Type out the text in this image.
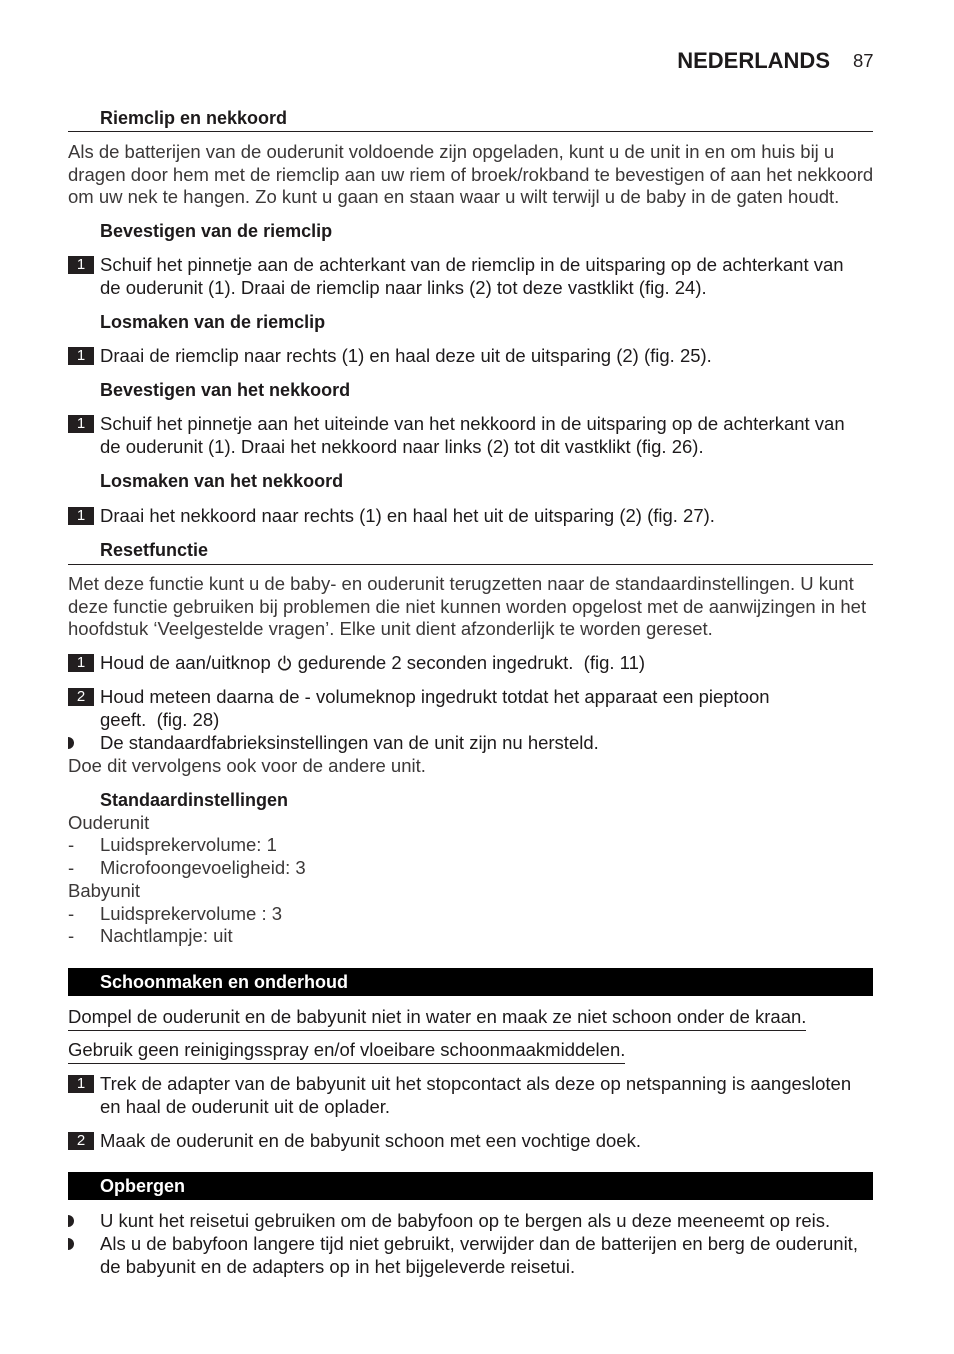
NEDERLANDS 87
Riemclip en nekkoord
Als de batterijen van de ouderunit voldoende zijn opgeladen, kunt u de unit in en om huis bij u
dragen door hem met de riemclip aan uw riem of broek/rokband te bevestigen of aan het nekkoord
om uw nek te hangen. Zo kunt u gaan en staan waar u wilt terwijl u de baby in de gaten houdt.
Bevestigen van de riemclip
1 Schuif het pinnetje aan de achterkant van de riemclip in de uitsparing op de achterkant van
de ouderunit (1). Draai de riemclip naar links (2) tot deze vastklikt (fig. 24).
Losmaken van de riemclip
1 Draai de riemclip naar rechts (1) en haal deze uit de uitsparing (2) (fig. 25).
Bevestigen van het nekkoord
1 Schuif het pinnetje aan het uiteinde van het nekkoord in de uitsparing op de achterkant van
de ouderunit (1). Draai het nekkoord naar links (2) tot dit vastklikt (fig. 26).
Losmaken van het nekkoord
1 Draai het nekkoord naar rechts (1) en haal het uit de uitsparing (2) (fig. 27).
Resetfunctie
Met deze functie kunt u de baby- en ouderunit terugzetten naar de standaardinstellingen. U kunt
deze functie gebruiken bij problemen die niet kunnen worden opgelost met de aanwijzingen in het
hoofdstuk ‘Veelgestelde vragen’. Elke unit dient afzonderlijk te worden gereset.
1 Houd de aan/uitknop gedurende 2 seconden ingedrukt.  (fig. 11)
2 Houd meteen daarna de - volumeknop ingedrukt totdat het apparaat een pieptoon
geeft.  (fig. 28)
De standaardfabrieksinstellingen van de unit zijn nu hersteld.
Doe dit vervolgens ook voor de andere unit.
Standaardinstellingen
Ouderunit
- Luidsprekervolume: 1
- Microfoongevoeligheid: 3
Babyunit
- Luidsprekervolume : 3
- Nachtlampje: uit
Schoonmaken en onderhoud
Dompel de ouderunit en de babyunit niet in water en maak ze niet schoon onder de kraan.
Gebruik geen reinigingsspray en/of vloeibare schoonmaakmiddelen.
1 Trek de adapter van de babyunit uit het stopcontact als deze op netspanning is aangesloten
en haal de ouderunit uit de oplader.
2 Maak de ouderunit en de babyunit schoon met een vochtige doek.
Opbergen
U kunt het reisetui gebruiken om de babyfoon op te bergen als u deze meeneemt op reis.
Als u de babyfoon langere tijd niet gebruikt, verwijder dan de batterijen en berg de ouderunit,
de babyunit en de adapters op in het bijgeleverde reisetui.
